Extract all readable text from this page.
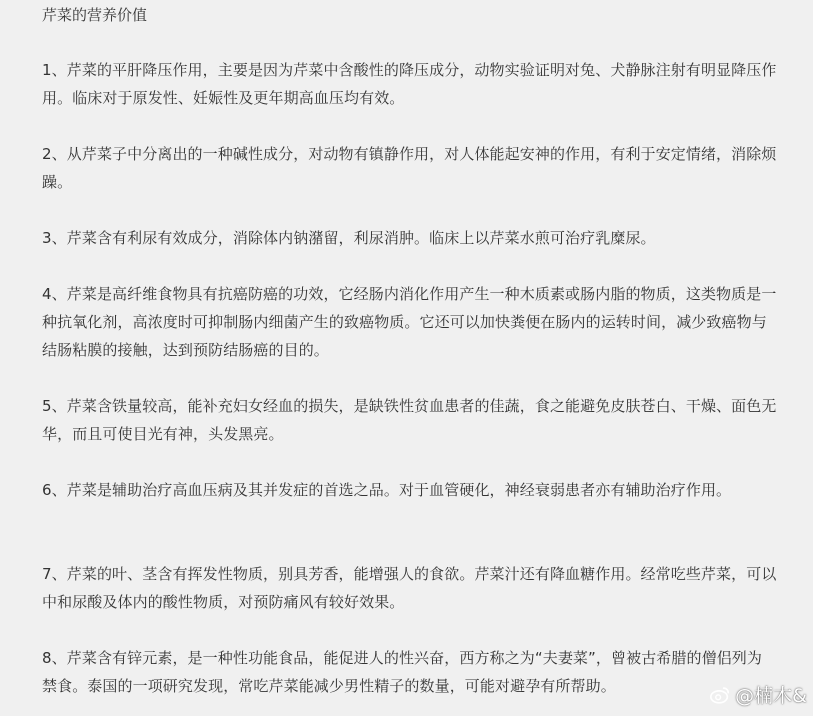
芹菜的营养价值

1、芹菜的平肝降压作用，主要是因为芹菜中含酸性的降压成分，动物实验证明对兔、犬静脉注射有明显降压作用。临床对于原发性、妊娠性及更年期高血压均有效。

2、从芹菜子中分离出的一种碱性成分，对动物有镇静作用，对人体能起安神的作用，有利于安定情绪，消除烦躁。

3、芹菜含有利尿有效成分，消除体内钠潴留，利尿消肿。临床上以芹菜水煎可治疗乳糜尿。

4、芹菜是高纤维食物具有抗癌防癌的功效，它经肠内消化作用产生一种木质素或肠内脂的物质，这类物质是一种抗氧化剂，高浓度时可抑制肠内细菌产生的致癌物质。它还可以加快粪便在肠内的运转时间，减少致癌物与结肠粘膜的接触，达到预防结肠癌的目的。

5、芹菜含铁量较高，能补充妇女经血的损失，是缺铁性贫血患者的佳蔬，食之能避免皮肤苍白、干燥、面色无华，而且可使目光有神，头发黑亮。

6、芹菜是辅助治疗高血压病及其并发症的首选之品。对于血管硬化，神经衰弱患者亦有辅助治疗作用。

7、芹菜的叶、茎含有挥发性物质，别具芳香，能增强人的食欲。芹菜汁还有降血糖作用。经常吃些芹菜，可以中和尿酸及体内的酸性物质，对预防痛风有较好效果。

8、芹菜含有锌元素，是一种性功能食品，能促进人的性兴奋，西方称之为“夫妻菜”，曾被古希腊的僧侣列为禁食。泰国的一项研究发现，常吃芹菜能减少男性精子的数量，可能对避孕有所帮助。	@楠木&
